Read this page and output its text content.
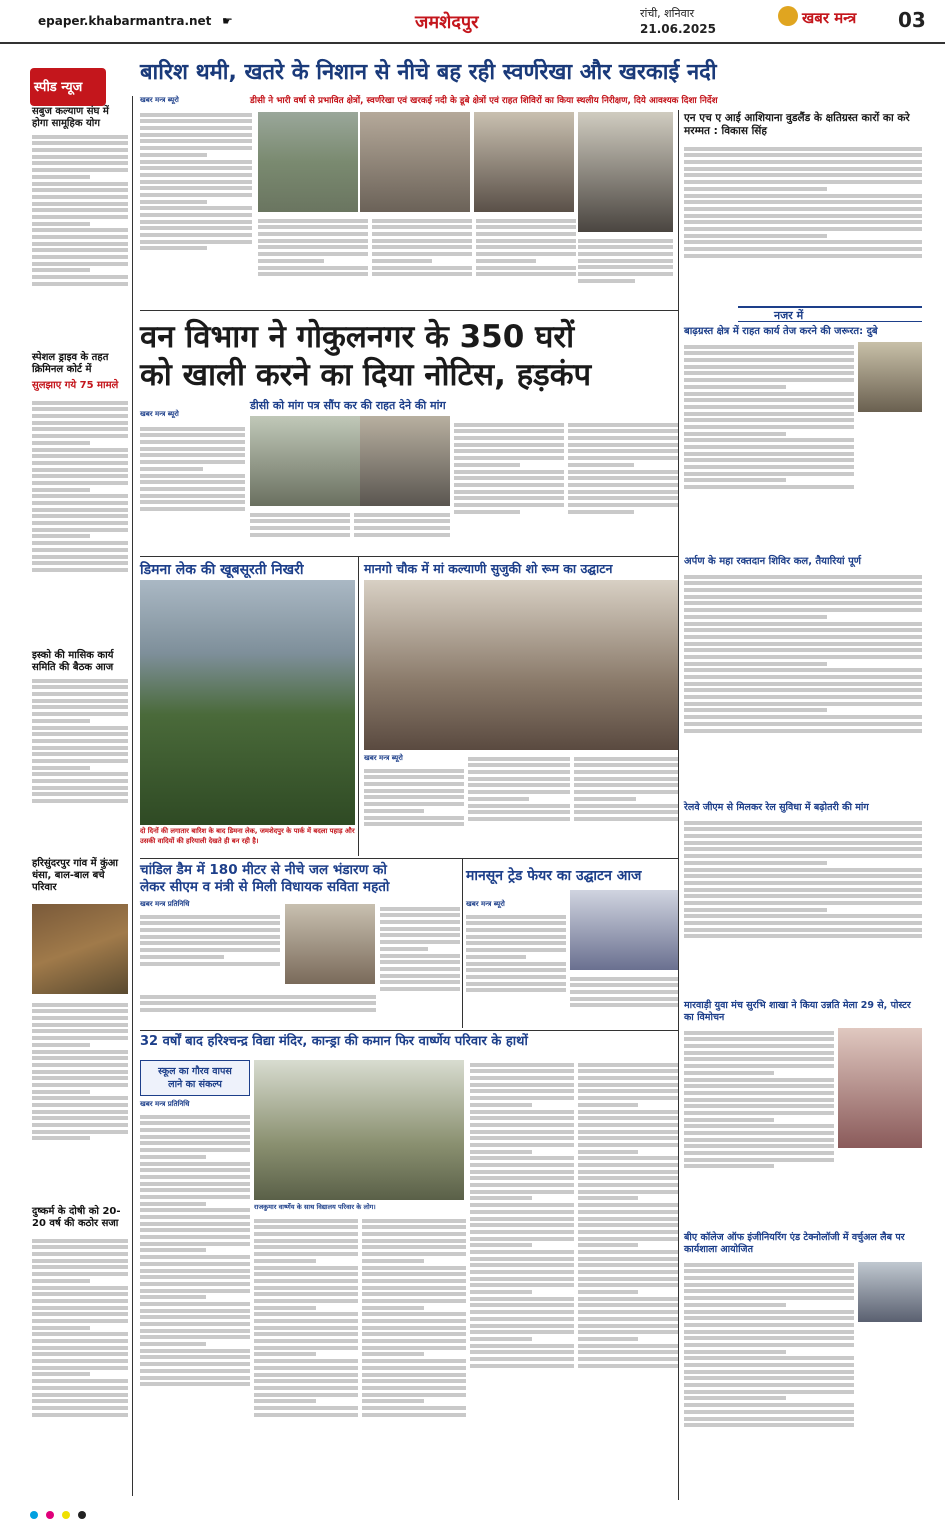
epaper.khabarmantra.net ☛	जमशेदपुर	रांची, शनिवार
21.06.2025
खबर मन्त्र 03
स्पीड न्यूज
सबुज कल्याण संघ में होगा सामूहिक योग
स्पेशल ड्राइव के तहत क्रिमिनल कोर्ट में
सुलझाए गये 75 मामले
इस्को की मासिक कार्य समिति की बैठक आज
हरिसुंदरपुर गांव में कुंआ धंसा, बाल-बाल बचे परिवार
दुष्कर्म के दोषी को 20-20 वर्ष की कठोर सजा
बारिश थमी, खतरे के निशान से नीचे बह रही स्वर्णरेखा और खरकाई नदी
डीसी ने भारी वर्षा से प्रभावित क्षेत्रों, स्वर्णरेखा एवं खरकई नदी के डूबे क्षेत्रों एवं राहत शिविरों का किया स्थलीय निरीक्षण, दिये आवश्यक दिशा निर्देश
खबर मन्त्र ब्यूरो
एन एच ए आई आशियाना वुडलैंड के क्षतिग्रस्त कारों का करे मरम्मत : विकास सिंह
वन विभाग ने गोकुलनगर के 350 घरों
को खाली करने का दिया नोटिस, हड़कंप
डीसी को मांग पत्र सौंप कर की राहत देने की मांग
खबर मन्त्र ब्यूरो
डिमना लेक की खूबसूरती निखरी
दो दिनों की लगातार बारिश के बाद डिमना लेक, जमशेदपुर के पार्क में बदला पहाड़ और उसकी वादियों की हरियाली देखते ही बन रही है।
मानगो चौक में मां कल्याणी सुजुकी शो रूम का उद्घाटन
खबर मन्त्र ब्यूरो
चांडिल डैम में 180 मीटर से नीचे जल भंडारण को
लेकर सीएम व मंत्री से मिली विधायक सविता महतो
खबर मन्त्र प्रतिनिधि
मानसून ट्रेड फेयर का उद्घाटन आज
खबर मन्त्र ब्यूरो
32 वर्षों बाद हरिश्चन्द्र विद्या मंदिर, कान्ड्रा की कमान फिर वार्ष्णेय परिवार के हाथों
स्कूल का गौरव वापस
लाने का संकल्प
खबर मन्त्र प्रतिनिधि
राजकुमार वार्ष्णेय के साथ विद्यालय परिवार के लोग।
नजर में
बाढ़ग्रस्त क्षेत्र में राहत कार्य तेज करने की जरूरत: दुबे
अर्पण के महा रक्तदान शिविर कल, तैयारियां पूर्ण
रेलवे जीएम से मिलकर रेल सुविधा में बढ़ोतरी की मांग
मारवाड़ी युवा मंच सुरभि शाखा ने किया उन्नति मेला 29 से, पोस्टर का विमोचन
बीए कॉलेज ऑफ इंजीनियरिंग एंड टेक्नोलॉजी में वर्चुअल लैब पर कार्यशाला आयोजित
